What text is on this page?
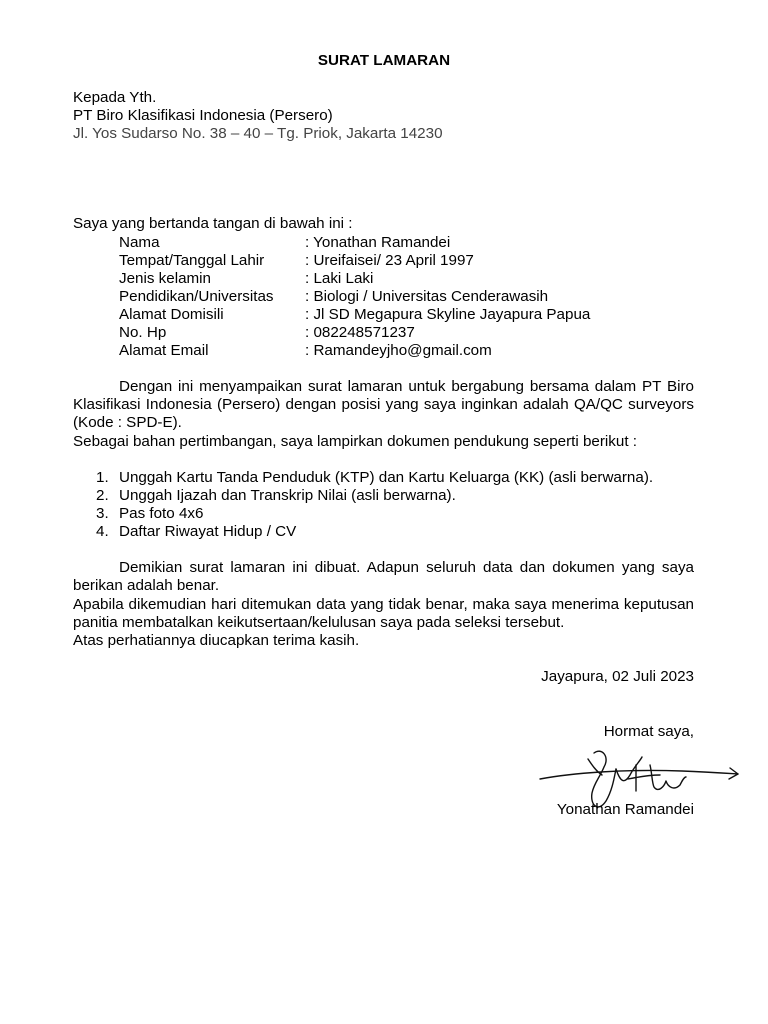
SURAT LAMARAN
Kepada Yth.
PT Biro Klasifikasi Indonesia (Persero)
Jl. Yos Sudarso No. 38 – 40 – Tg. Priok, Jakarta 14230
Saya yang bertanda tangan di bawah ini :
Nama	: Yonathan Ramandei
Tempat/Tanggal Lahir	: Ureifaisei/ 23 April 1997
Jenis kelamin	: Laki Laki
Pendidikan/Universitas : Biologi / Universitas Cenderawasih
Alamat Domisili	: Jl SD Megapura Skyline Jayapura Papua
No. Hp	: 082248571237
Alamat Email	: Ramandeyjho@gmail.com
Dengan ini menyampaikan surat lamaran untuk bergabung bersama dalam PT Biro Klasifikasi Indonesia (Persero) dengan posisi yang saya inginkan adalah QA/QC surveyors (Kode : SPD-E).
Sebagai bahan pertimbangan, saya lampirkan dokumen pendukung seperti berikut :
1. Unggah Kartu Tanda Penduduk (KTP) dan Kartu Keluarga (KK) (asli berwarna).
2. Unggah Ijazah dan Transkrip Nilai (asli berwarna).
3. Pas foto 4x6
4. Daftar Riwayat Hidup / CV
Demikian surat lamaran ini dibuat. Adapun seluruh data dan dokumen yang saya berikan adalah benar.
Apabila dikemudian hari ditemukan data yang tidak benar, maka saya menerima keputusan panitia membatalkan keikutsertaan/kelulusan saya pada seleksi tersebut.
Atas perhatiannya diucapkan terima kasih.
Jayapura, 02 Juli 2023
Hormat saya,
Yonathan Ramandei
